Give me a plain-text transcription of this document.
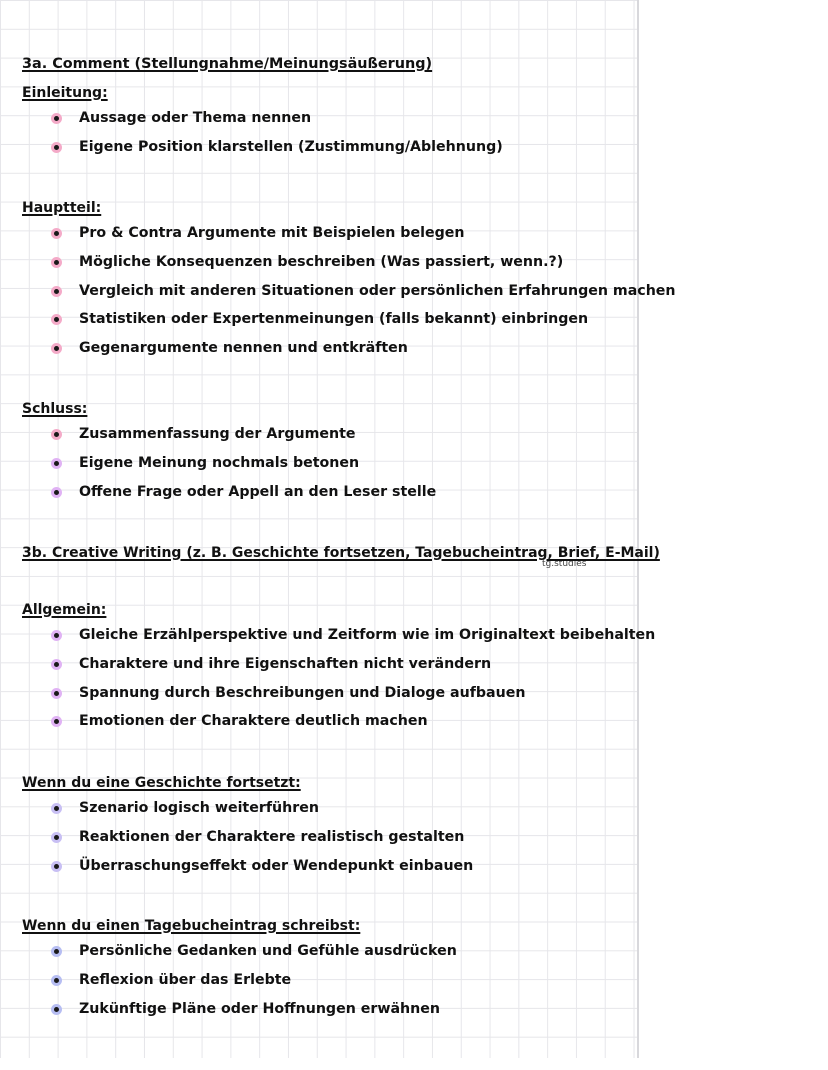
3a. Comment (Stellungnahme/Meinungsäußerung)
Einleitung:
Aussage oder Thema nennen
Eigene Position klarstellen (Zustimmung/Ablehnung)
Hauptteil:
Pro & Contra Argumente mit Beispielen belegen
Mögliche Konsequenzen beschreiben (Was passiert, wenn.?)
Vergleich mit anderen Situationen oder persönlichen Erfahrungen machen
Statistiken oder Expertenmeinungen (falls bekannt) einbringen
Gegenargumente nennen und entkräften
Schluss:
Zusammenfassung der Argumente
Eigene Meinung nochmals betonen
Offene Frage oder Appell an den Leser stelle
3b. Creative Writing (z. B. Geschichte fortsetzen, Tagebucheintrag, Brief, E-Mail)
tg.studies
Allgemein:
Gleiche Erzählperspektive und Zeitform wie im Originaltext beibehalten
Charaktere und ihre Eigenschaften nicht verändern
Spannung durch Beschreibungen und Dialoge aufbauen
Emotionen der Charaktere deutlich machen
Wenn du eine Geschichte fortsetzt:
Szenario logisch weiterführen
Reaktionen der Charaktere realistisch gestalten
Überraschungseffekt oder Wendepunkt einbauen
Wenn du einen Tagebucheintrag schreibst:
Persönliche Gedanken und Gefühle ausdrücken
Reflexion über das Erlebte
Zukünftige Pläne oder Hoffnungen erwähnen
